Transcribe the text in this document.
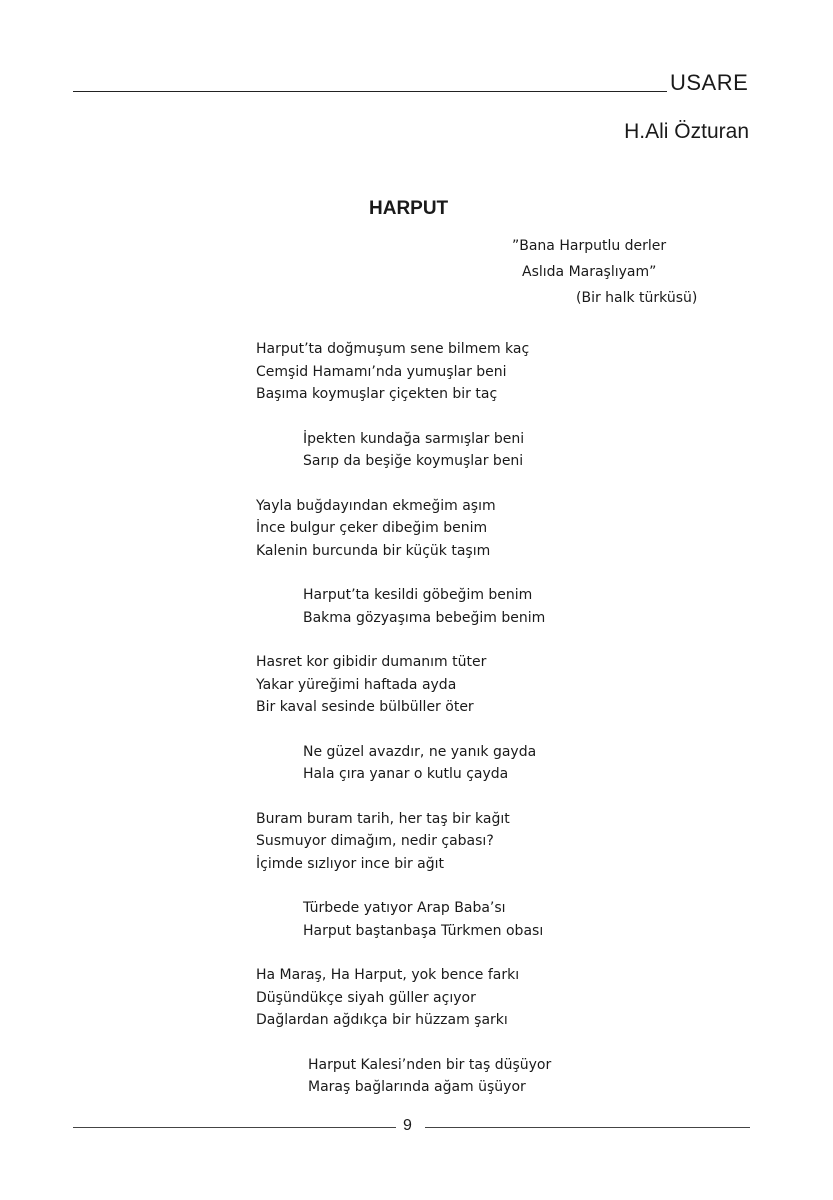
USARE
H.Ali Özturan
HARPUT
”Bana Harputlu derler
Aslıda Maraşlıyam”
(Bir halk türküsü)
Harput’ta doğmuşum sene bilmem kaç
Cemşid Hamamı’nda yumuşlar beni
Başıma koymuşlar çiçekten bir taç
İpekten kundağa sarmışlar beni
Sarıp da beşiğe koymuşlar beni
Yayla buğdayından ekmeğim aşım
İnce bulgur çeker dibeğim benim
Kalenin burcunda bir küçük taşım
Harput’ta kesildi göbeğim benim
Bakma gözyaşıma bebeğim benim
Hasret kor gibidir dumanım tüter
Yakar yüreğimi haftada ayda
Bir kaval sesinde bülbüller öter
Ne güzel avazdır, ne yanık gayda
Hala çıra yanar o kutlu çayda
Buram buram tarih, her taş bir kağıt
Susmuyor dimağım, nedir çabası?
İçimde sızlıyor ince bir ağıt
Türbede yatıyor Arap Baba’sı
Harput baştanbaşa Türkmen obası
Ha Maraş, Ha Harput, yok bence farkı
Düşündükçe siyah güller açıyor
Dağlardan ağdıkça bir hüzzam şarkı
Harput Kalesi’nden bir taş düşüyor
Maraş bağlarında ağam üşüyor
9
